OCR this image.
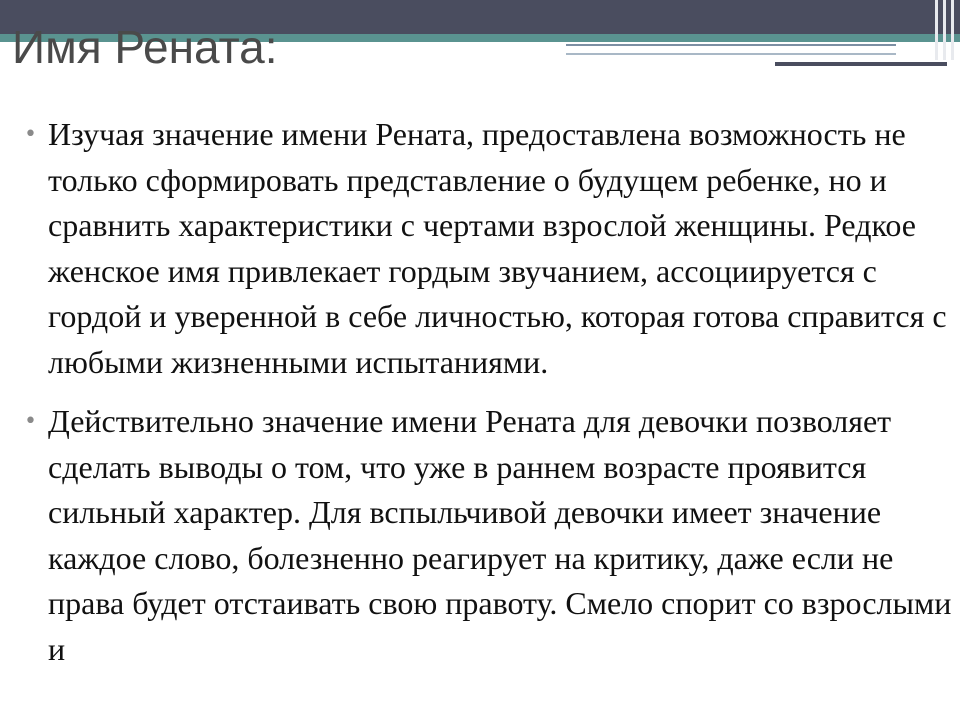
Имя Рената:

• Изучая значение имени Рената, предоставлена возможность не только сформировать представление о будущем ребенке, но и сравнить характеристики с чертами взрослой женщины. Редкое женское имя привлекает гордым звучанием, ассоциируется с гордой и уверенной в себе личностью, которая готова справится с любыми жизненными испытаниями.

• Действительно значение имени Рената для девочки позволяет сделать выводы о том, что уже в раннем возрасте проявится сильный характер. Для вспыльчивой девочки имеет значение каждое слово, болезненно реагирует на критику, даже если не права будет отстаивать свою правоту. Смело спорит со взрослыми и
